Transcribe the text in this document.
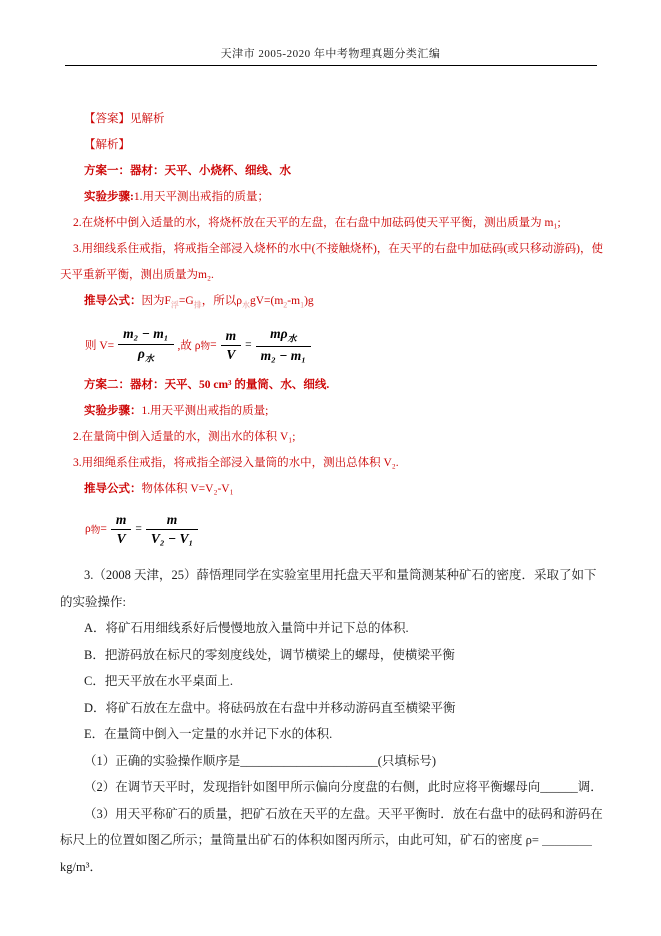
天津市 2005-2020 年中考物理真题分类汇编

【答案】见解析

【解析】

方案一：器材：天平、小烧杯、细线、水

实验步骤:1.用天平测出戒指的质量；

2.在烧杯中倒入适量的水，将烧杯放在天平的左盘，在右盘中加砝码使天平平衡，测出质量为 m₁;

3.用细线系住戒指，将戒指全部浸入烧杯的水中(不接触烧杯)，在天平的右盘中加砝码(或只移动游码)，使天平重新平衡，测出质量为m₂.

推导公式：因为$F_浮=G_排$，所以$\rho_水gV=(m_2-m_1)g$

则 $V= \frac{\text{m₂ − m₁}}{\rho_水}$ ,故 ρ 物 = $\frac{m}{V} = \frac{m\rho_水}{\text{m₂ − m₁}}$

方案二：器材：天平、50 cm³ 的量筒、水、细线.

实验步骤：1.用天平测出戒指的质量;

2.在量筒中倒入适量的水，测出水的体积 V₁;

3.用细绳系住戒指，将戒指全部浸入量筒的水中，测出总体积 V₂.

推导公式：物体体积 V=V₂-V₁

ρ 物 = $\frac{m}{V} = \frac{m}{\text{V₂ − V₁}}$

3.（2008 天津，25）薛悟理同学在实验室里用托盘天平和量筒测某种矿石的密度．采取了如下的实验操作:

A．将矿石用细线系好后慢慢地放入量筒中并记下总的体积.

B．把游码放在标尺的零刻度线处，调节横梁上的螺母，使横梁平衡

C．把天平放在水平桌面上.

D．将矿石放在左盘中。将砝码放在右盘中并移动游码直至横梁平衡

E．在量筒中倒入一定量的水并记下水的体积.

（1）正确的实验操作顺序是______________________(只填标号)

（2）在调节天平时，发现指针如图甲所示偏向分度盘的右侧，此时应将平衡螺母向______调．

（3）用天平称矿石的质量，把矿石放在天平的左盘。天平平衡时．放在右盘中的砝码和游码在标尺上的位置如图乙所示；量筒量出矿石的体积如图丙所示，由此可知，矿石的密度 ρ= ＿＿＿＿kg/m³．
